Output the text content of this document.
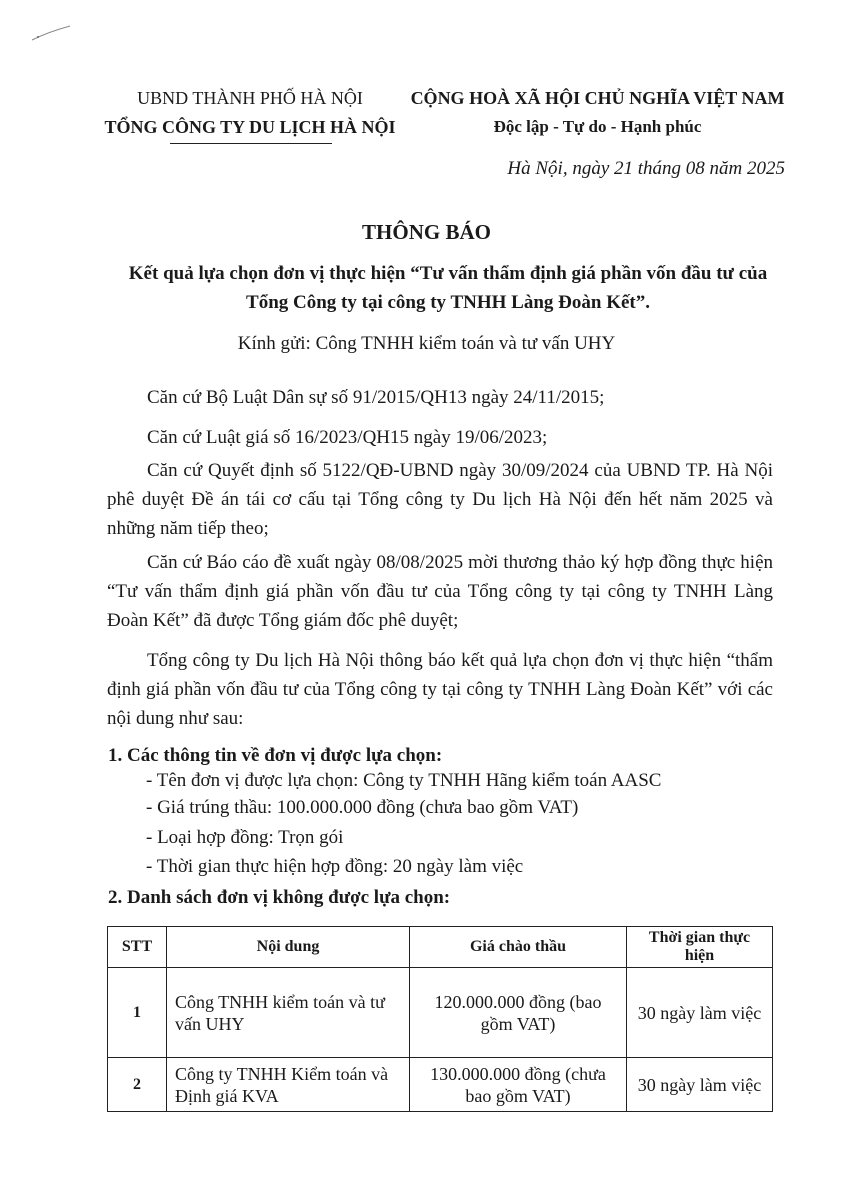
UBND THÀNH PHỐ HÀ NỘI
TỔNG CÔNG TY DU LỊCH HÀ NỘI
CỘNG HOÀ XÃ HỘI CHỦ NGHĨA VIỆT NAM
Độc lập - Tự do - Hạnh phúc
Hà Nội, ngày 21 tháng 08 năm 2025
THÔNG BÁO
Kết quả lựa chọn đơn vị thực hiện “Tư vấn thẩm định giá phần vốn đầu tư của Tổng Công ty tại công ty TNHH Làng Đoàn Kết”.
Kính gửi: Công TNHH kiểm toán và tư vấn UHY
Căn cứ Bộ Luật Dân sự số 91/2015/QH13 ngày 24/11/2015;
Căn cứ Luật giá số 16/2023/QH15 ngày 19/06/2023;
Căn cứ Quyết định số 5122/QĐ-UBND ngày 30/09/2024 của UBND TP. Hà Nội phê duyệt Đề án tái cơ cấu tại Tổng công ty Du lịch Hà Nội đến hết năm 2025 và những năm tiếp theo;
Căn cứ Báo cáo đề xuất ngày 08/08/2025 mời thương thảo ký hợp đồng thực hiện “Tư vấn thẩm định giá phần vốn đầu tư của Tổng công ty tại công ty TNHH Làng Đoàn Kết” đã được Tổng giám đốc phê duyệt;
Tổng công ty Du lịch Hà Nội thông báo kết quả lựa chọn đơn vị thực hiện “thẩm định giá phần vốn đầu tư của Tổng công ty tại công ty TNHH Làng Đoàn Kết” với các nội dung như sau:
1. Các thông tin về đơn vị được lựa chọn:
- Tên đơn vị được lựa chọn: Công ty TNHH Hãng kiểm toán AASC
- Giá trúng thầu: 100.000.000 đồng (chưa bao gồm VAT)
- Loại hợp đồng: Trọn gói
- Thời gian thực hiện hợp đồng: 20 ngày làm việc
2. Danh sách đơn vị không được lựa chọn:
STT	Nội dung	Giá chào thầu	Thời gian thực hiện
1	Công TNHH kiểm toán và tư vấn UHY	120.000.000 đồng (bao gồm VAT)	30 ngày làm việc
2	Công ty TNHH Kiểm toán và Định giá KVA	130.000.000 đồng (chưa bao gồm VAT)	30 ngày làm việc
